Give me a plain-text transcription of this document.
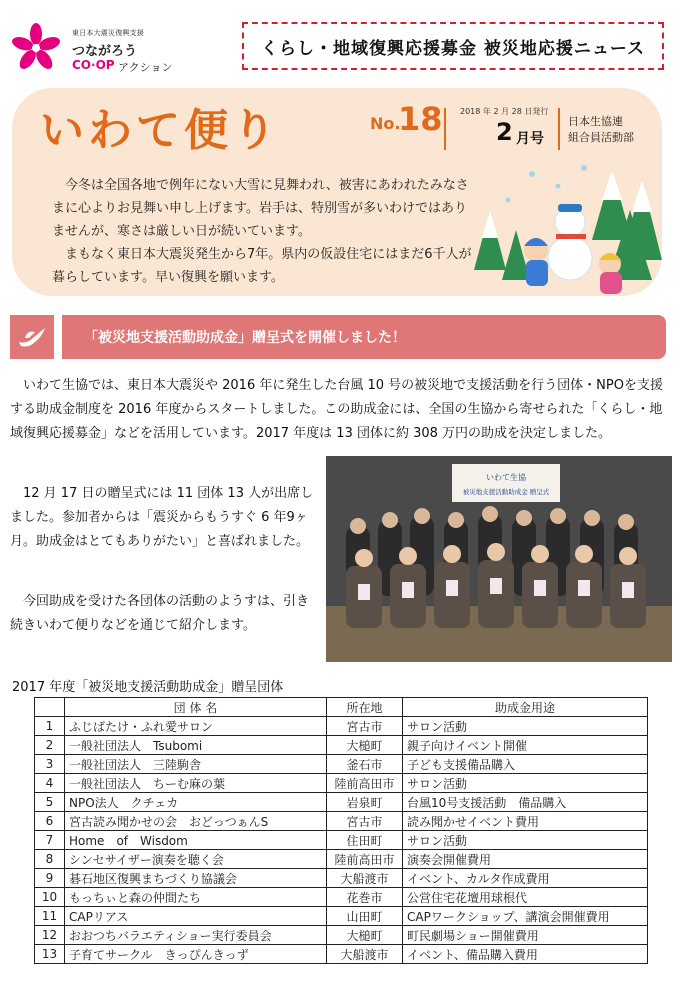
東日本大震災復興支援
つながろう
CO·OP アクション
くらし・地域復興応援募金 被災地応援ニュース
いわて便り	No.
18 2018 年 2 月 28 日発行
2 月号
日本生協連
組合員活動部

今冬は全国各地で例年にない大雪に見舞われ、被害にあわれたみなさまに心よりお見舞い申し上げます。岩手は、特別雪が多いわけではありませんが、寒さは厳しい日が続いています。

まもなく東日本大震災発生から7年。県内の仮設住宅にはまだ6千人が暮らしています。早い復興を願います。

「被災地支援活動助成金」贈呈式を開催しました！
いわて生協では、東日本大震災や 2016 年に発生した台風 10 号の被災地で支援活動を行う団体・NPOを支援する助成金制度を 2016 年度からスタートしました。この助成金には、全国の生協から寄せられた「くらし・地域復興応援募金」などを活用しています。2017 年度は 13 団体に約 308 万円の助成を決定しました。
12 月 17 日の贈呈式には 11 団体 13 人が出席しました。参加者からは「震災からもうすぐ 6 年9ヶ月。助成金はとてもありがたい」と喜ばれました。
今回助成を受けた各団体の活動のようすは、引き続きいわて便りなどを通じて紹介します。
いわて生協
被災地支援活動助成金 贈呈式
2017 年度「被災地支援活動助成金」贈呈団体
	団 体 名	所在地	助成金用途
1	ふじばたけ・ふれ愛サロン	宮古市	サロン活動
2	一般社団法人　Tsubomi	大槌町	親子向けイベント開催
3	一般社団法人　三陸駒舎	釜石市	子ども支援備品購入
4	一般社団法人　ちーむ麻の葉	陸前高田市	サロン活動
5	NPO法人　クチェカ	岩泉町	台風10号支援活動　備品購入
6	宮古読み聞かせの会　おどっつぁんS	宮古市	読み聞かせイベント費用
7	Home　of　Wisdom	住田町	サロン活動
8	シンセサイザー演奏を聴く会	陸前高田市	演奏会開催費用
9	碁石地区復興まちづくり協議会	大船渡市	イベント、カルタ作成費用
10	もっちぃと森の仲間たち	花巻市	公営住宅花壇用球根代
11	CAPリアス	山田町	CAPワークショップ、講演会開催費用
12	おおつちバラエティショー実行委員会	大槌町	町民劇場ショー開催費用
13	子育てサークル　きっぴんきっず	大船渡市	イベント、備品購入費用
